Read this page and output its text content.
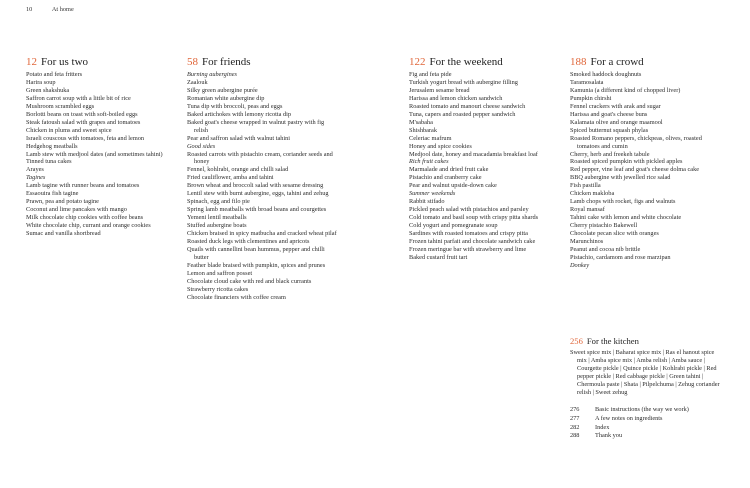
10	At home
12 For us two
Potato and feta fritters
Harira soup
Green shakshuka
Saffron carrot soup with a little bit of rice
Mushroom scrambled eggs
Borlotti beans on toast with soft-boiled eggs
Steak fatoush salad with grapes and tomatoes
Chicken in plums and sweet spice
Israeli couscous with tomatoes, feta and lemon
Hedgehog meatballs
Lamb stew with medjool dates (and sometimes tahini)
Tinned tuna cakes
Arayes
Tagines
Lamb tagine with runner beans and tomatoes
Essaouira fish tagine
Prawn, pea and potato tagine
Coconut and lime pancakes with mango
Milk chocolate chip cookies with coffee beans
White chocolate chip, currant and orange cookies
Sumac and vanilla shortbread
58 For friends
Burning aubergines
Zaalouk
Silky green aubergine purée
Romanian white aubergine dip
Tuna dip with broccoli, peas and eggs
Baked artichokes with lemony ricotta dip
Baked goat's cheese wrapped in walnut pastry with fig relish
Pear and saffron salad with walnut tahini
Good sides
Roasted carrots with pistachio cream, coriander seeds and honey
Fennel, kohlrabi, orange and chilli salad
Fried cauliflower, amba and tahini
Brown wheat and broccoli salad with sesame dressing
Lentil stew with burnt aubergine, eggs, tahini and zehug
Spinach, egg and filo pie
Spring lamb meatballs with broad beans and courgettes
Yemeni lentil meatballs
Stuffed aubergine boats
Chicken braised in spicy matbucha and cracked wheat pilaf
Roasted duck legs with clementines and apricots
Quails with cannellini bean hummus, pepper and chilli butter
Feather blade braised with pumpkin, spices and prunes
Lemon and saffron posset
Chocolate cloud cake with red and black currants
Strawberry ricotta cakes
Chocolate financiers with coffee cream
122 For the weekend
Fig and feta pide
Turkish yogurt bread with aubergine filling
Jerusalem sesame bread
Harissa and lemon chicken sandwich
Roasted tomato and manouri cheese sandwich
Tuna, capers and roasted pepper sandwich
M'sabaha
Shishbarak
Celeriac mafrum
Honey and spice cookies
Medjool date, honey and macadamia breakfast loaf
Rich fruit cakes
Marmalade and dried fruit cake
Pistachio and cranberry cake
Pear and walnut upside-down cake
Summer weekends
Rabbit stifado
Pickled peach salad with pistachios and parsley
Cold tomato and basil soup with crispy pitta shards
Cold yogurt and pomegranate soup
Sardines with roasted tomatoes and crispy pitta
Frozen tahini parfait and chocolate sandwich cake
Frozen meringue bar with strawberry and lime
Baked custard fruit tart
188 For a crowd
Smoked haddock doughnuts
Taramosalata
Kamunia (a different kind of chopped liver)
Pumpkin chirshi
Fennel crackers with arak and sugar
Harissa and goat's cheese buns
Kalamata olive and orange maamool
Spiced butternut squash phylas
Roasted Romano peppers, chickpeas, olives, roasted tomatoes and cumin
Cherry, herb and freekeh tabule
Roasted spiced pumpkin with pickled apples
Red pepper, vine leaf and goat's cheese dolma cake
BBQ aubergine with jewelled rice salad
Fish pastilla
Chicken makloba
Lamb chops with rocket, figs and walnuts
Royal mansaf
Tahini cake with lemon and white chocolate
Cherry pistachio Bakewell
Chocolate pecan slice with oranges
Marunchinos
Peanut and cocoa nib brittle
Pistachio, cardamom and rose marzipan
Donkey
256 For the kitchen

Sweet spice mix | Baharat spice mix | Ras el hanout spice mix | Amba spice mix | Amba relish | Amba sauce | Courgette pickle | Quince pickle | Kohlrabi pickle | Red pepper pickle | Red cabbage pickle | Green tahini | Chermoula paste | Shata | Pilpelchuma | Zehug coriander relish | Sweet zehug

276	Basic instructions (the way we work)
277	A few notes on ingredients
282	Index
288	Thank you
